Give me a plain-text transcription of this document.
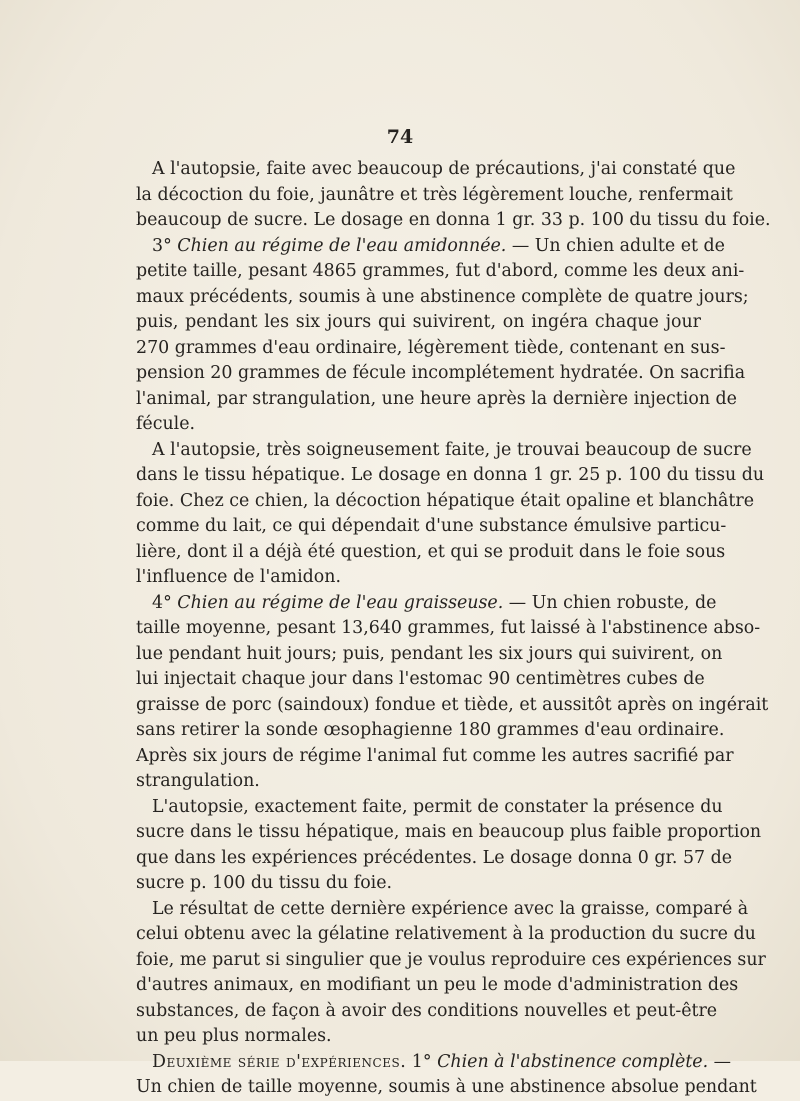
74
A l'autopsie, faite avec beaucoup de précautions, j'ai constaté que
la décoction du foie, jaunâtre et très légèrement louche, renfermait
beaucoup de sucre. Le dosage en donna 1 gr. 33 p. 100 du tissu du foie.
3° Chien au régime de l'eau amidonnée. — Un chien adulte et de
petite taille, pesant 4865 grammes, fut d'abord, comme les deux ani-
maux précédents, soumis à une abstinence complète de quatre jours;
puis, pendant les six jours qui suivirent, on ingéra chaque jour
270 grammes d'eau ordinaire, légèrement tiède, contenant en sus-
pension 20 grammes de fécule incomplétement hydratée. On sacrifia
l'animal, par strangulation, une heure après la dernière injection de
fécule.
A l'autopsie, très soigneusement faite, je trouvai beaucoup de sucre
dans le tissu hépatique. Le dosage en donna 1 gr. 25 p. 100 du tissu du
foie. Chez ce chien, la décoction hépatique était opaline et blanchâtre
comme du lait, ce qui dépendait d'une substance émulsive particu-
lière, dont il a déjà été question, et qui se produit dans le foie sous
l'influence de l'amidon.
4° Chien au régime de l'eau graisseuse. — Un chien robuste, de
taille moyenne, pesant 13,640 grammes, fut laissé à l'abstinence abso-
lue pendant huit jours; puis, pendant les six jours qui suivirent, on
lui injectait chaque jour dans l'estomac 90 centimètres cubes de
graisse de porc (saindoux) fondue et tiède, et aussitôt après on ingérait
sans retirer la sonde œsophagienne 180 grammes d'eau ordinaire.
Après six jours de régime l'animal fut comme les autres sacrifié par
strangulation.
L'autopsie, exactement faite, permit de constater la présence du
sucre dans le tissu hépatique, mais en beaucoup plus faible proportion
que dans les expériences précédentes. Le dosage donna 0 gr. 57 de
sucre p. 100 du tissu du foie.
Le résultat de cette dernière expérience avec la graisse, comparé à
celui obtenu avec la gélatine relativement à la production du sucre du
foie, me parut si singulier que je voulus reproduire ces expériences sur
d'autres animaux, en modifiant un peu le mode d'administration des
substances, de façon à avoir des conditions nouvelles et peut-être
un peu plus normales.
Deuxième série d'expériences. 1° Chien à l'abstinence complète. —
Un chien de taille moyenne, soumis à une abstinence absolue pendant
